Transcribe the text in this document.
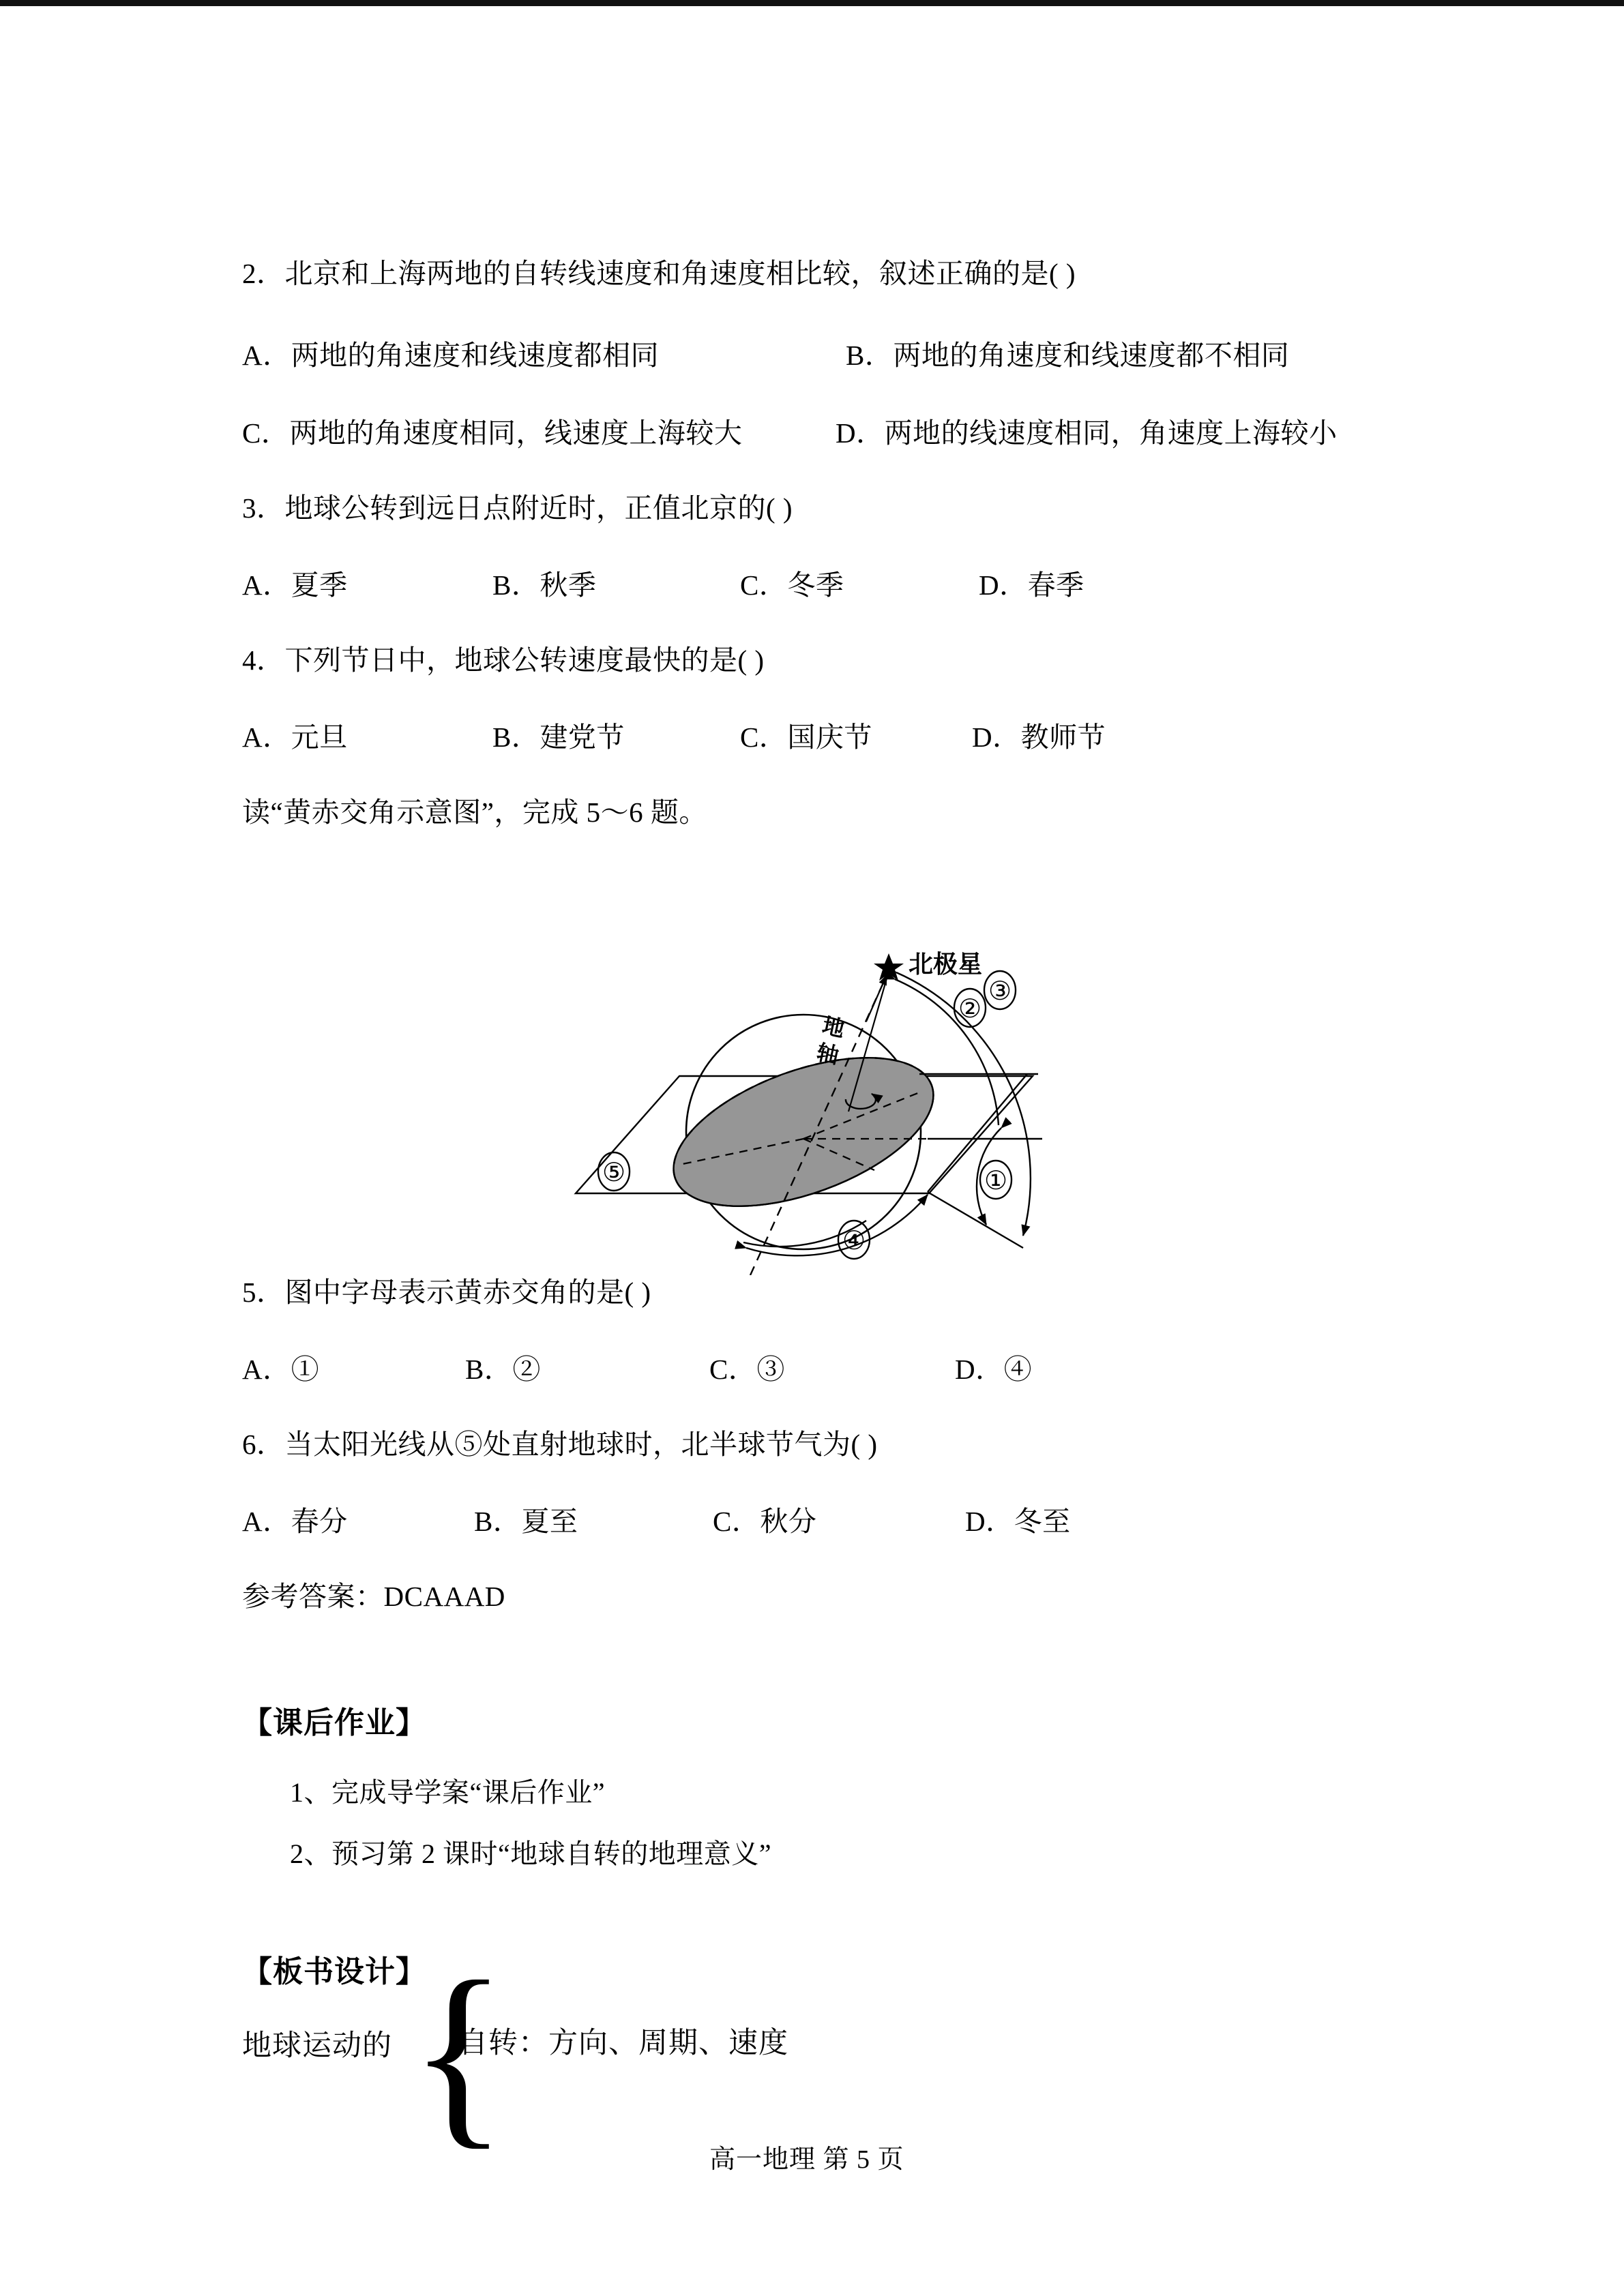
2．北京和上海两地的自转线速度和角速度相比较，叙述正确的是( )
A．两地的角速度和线速度都相同	B．两地的角速度和线速度都不相同
C．两地的角速度相同，线速度上海较大	D．两地的线速度相同，角速度上海较小
3．地球公转到远日点附近时，正值北京的( )
A．夏季	B．秋季	C．冬季	D．春季
4．下列节日中，地球公转速度最快的是( )
A．元旦	B．建党节	C．国庆节	D．教师节
读“黄赤交角示意图”，完成 5～6 题。
北极星
地
轴
①
②
③
④
⑤
5．图中字母表示黄赤交角的是( )
A．①	B．②	C．③	D．④
6．当太阳光线从⑤处直射地球时，北半球节气为( )
A．春分	B．夏至	C．秋分	D．冬至
参考答案：DCAAAD
【课后作业】
1、完成导学案“课后作业”
2、预习第 2 课时“地球自转的地理意义”
【板书设计】
地球运动的 {
自转：方向、周期、速度
高一地理 第 5 页
